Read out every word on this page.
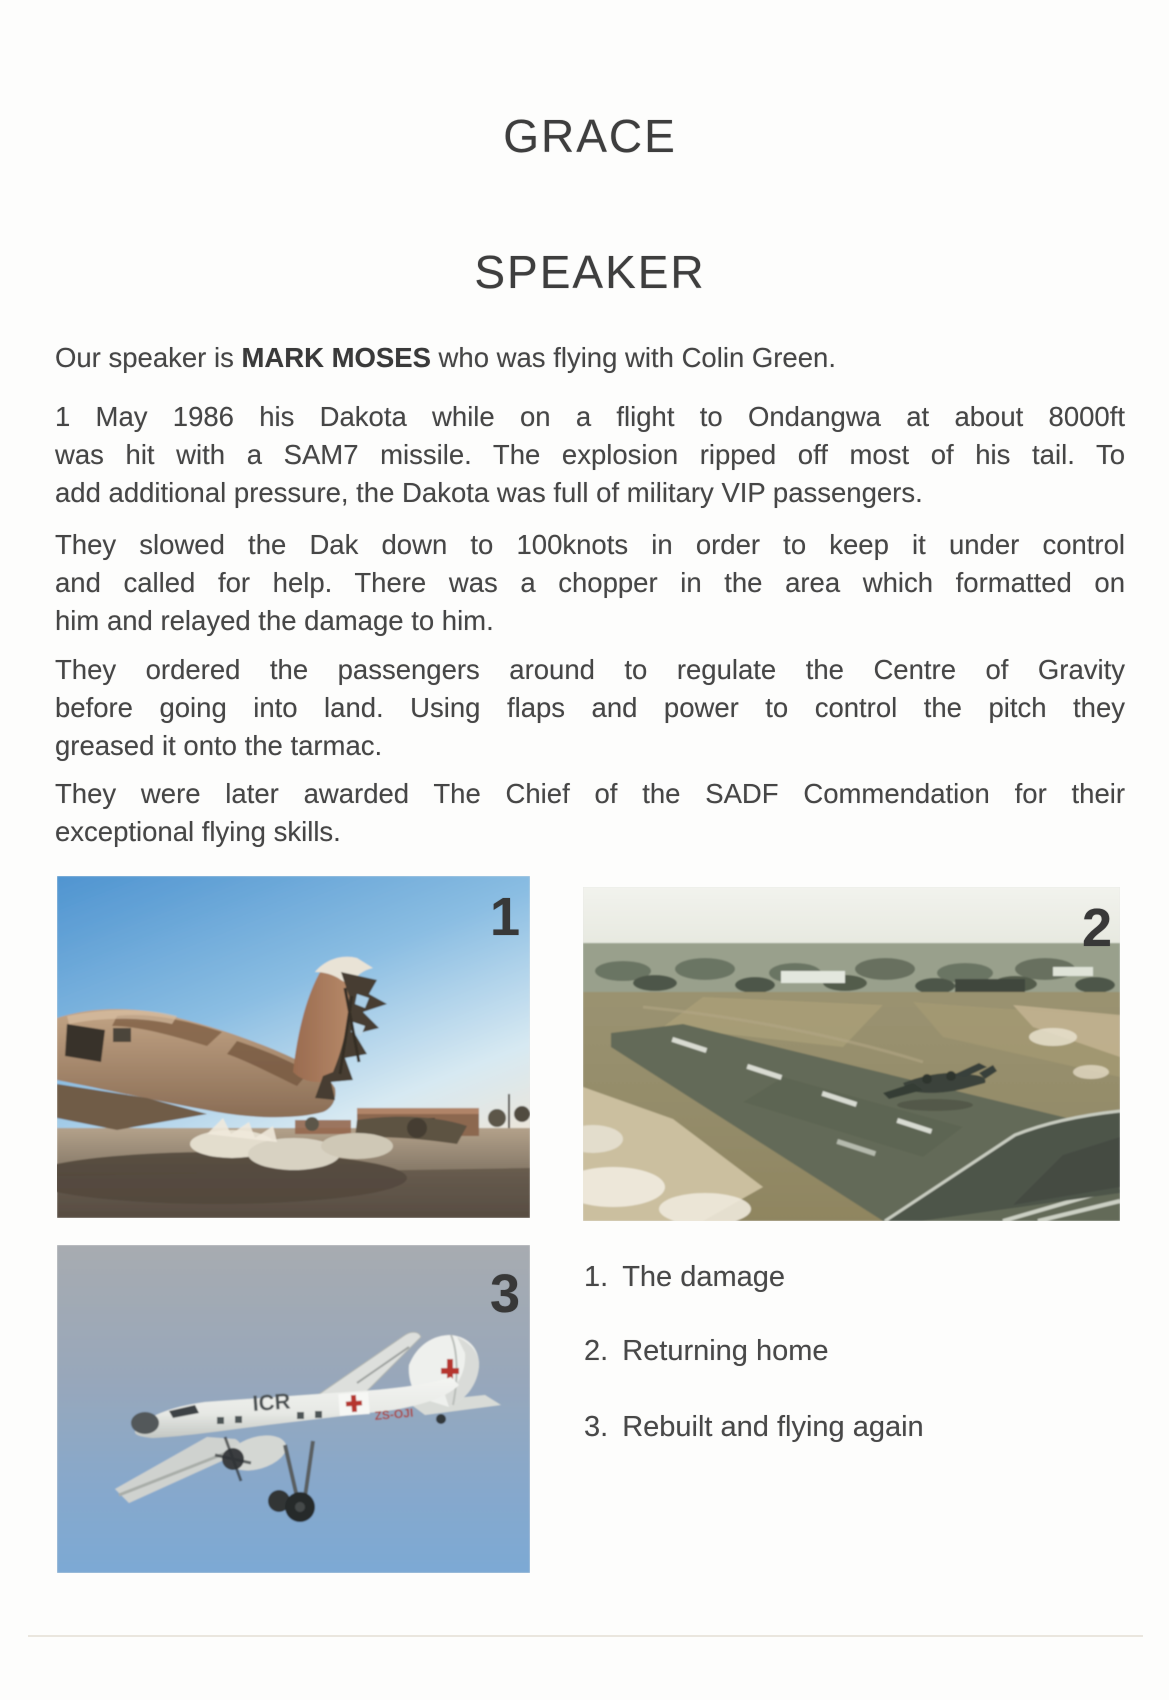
GRACE
SPEAKER
Our speaker is MARK MOSES who was flying with Colin Green.
1 May 1986 his Dakota while on a flight to Ondangwa at about 8000ft
was hit with a SAM7 missile. The explosion ripped off most of his tail. To
add additional pressure, the Dakota was full of military VIP passengers.
They slowed the Dak down to 100knots in order to keep it under control
and called for help. There was a chopper in the area which formatted on
him and relayed the damage to him.
They ordered the passengers around to regulate the Centre of Gravity
before going into land. Using flaps and power to control the pitch they
greased it onto the tarmac.
They were later awarded The Chief of the SADF Commendation for their
exceptional flying skills.
1	2
ICR	ZS-OJI
3 1. The damage
2. Returning home
3. Rebuilt and flying again
